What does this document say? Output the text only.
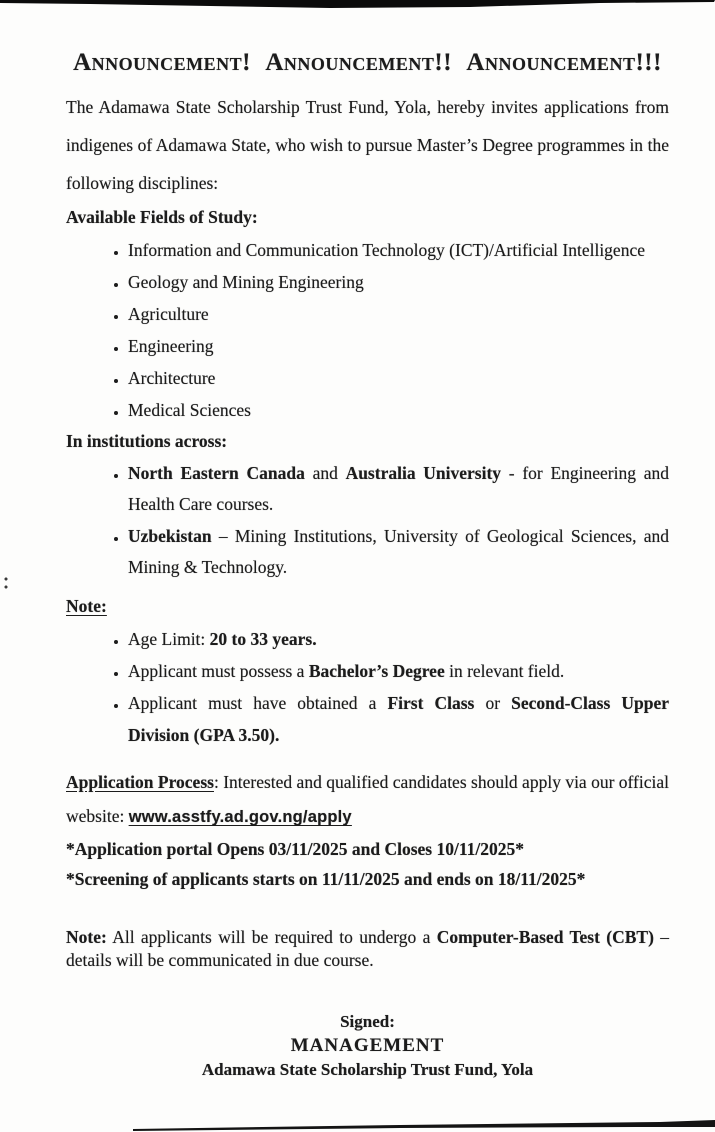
Announcement! Announcement!! Announcement!!!

The Adamawa State Scholarship Trust Fund, Yola, hereby invites applications from indigenes of Adamawa State, who wish to pursue Master’s Degree programmes in the following disciplines:

Available Fields of Study:
• Information and Communication Technology (ICT)/Artificial Intelligence
• Geology and Mining Engineering
• Agriculture
• Engineering
• Architecture
• Medical Sciences
In institutions across:
• North Eastern Canada and Australia University - for Engineering and Health Care courses.
• Uzbekistan – Mining Institutions, University of Geological Sciences, and Mining & Technology.
Note:
• Age Limit: 20 to 33 years.
• Applicant must possess a Bachelor’s Degree in relevant field.
• Applicant must have obtained a First Class or Second-Class Upper Division (GPA 3.50).

Application Process: Interested and qualified candidates should apply via our official website: www.asstfy.ad.gov.ng/apply

*Application portal Opens 03/11/2025 and Closes 10/11/2025*

*Screening of applicants starts on 11/11/2025 and ends on 18/11/2025*

Note: All applicants will be required to undergo a Computer-Based Test (CBT) – details will be communicated in due course.

Signed:
MANAGEMENT
Adamawa State Scholarship Trust Fund, Yola
